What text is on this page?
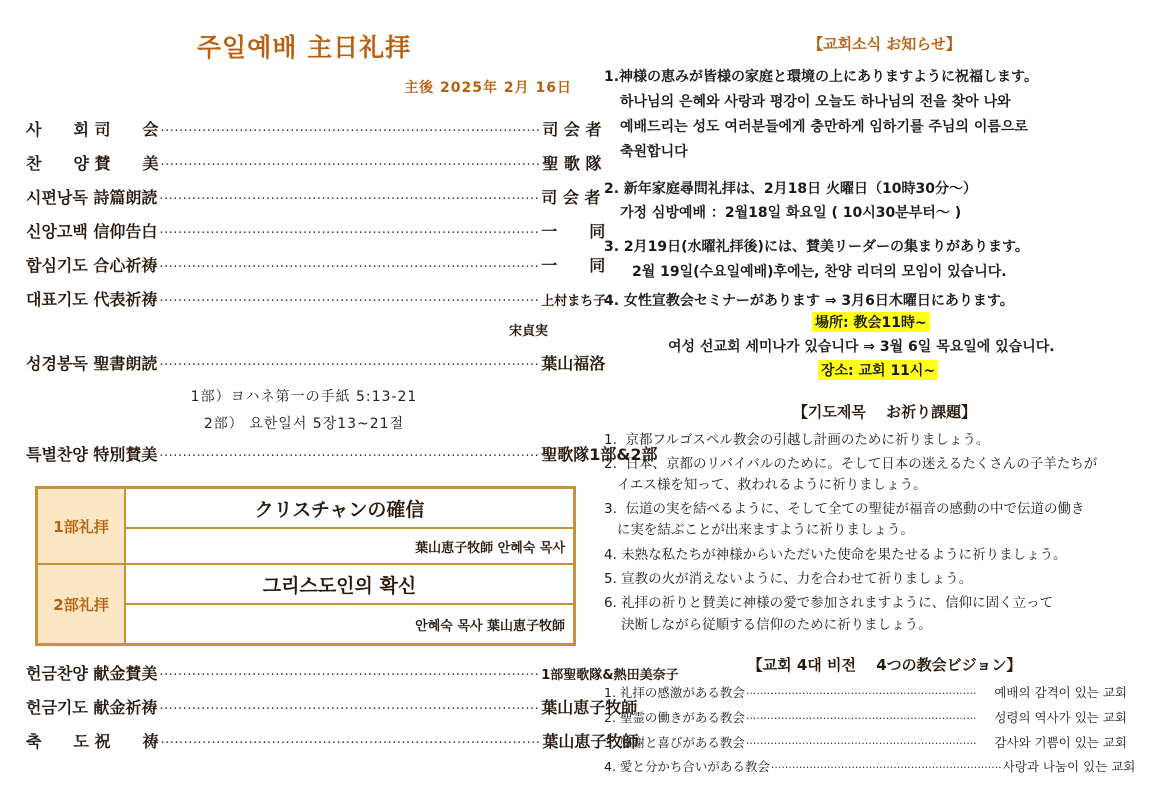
주일예배 主日礼拝
主後 2025年 2月 16日
사　　회 司　　会 ·················································································· 司 会 者
찬　　양 賛　　美 ·················································································· 聖 歌 隊
시편낭독 詩篇朗読 ·················································································· 司 会 者
신앙고백 信仰告白 ·················································································· 一　　同
합심기도 合心祈祷 ·················································································· 一　　同
대표기도 代表祈祷 ·················································································· 上村まち子
宋貞実
성경봉독 聖書朗読 ·················································································· 葉山福洛
1部）ヨハネ第一の手紙 5:13-21
2部） 요한일서 5장13~21절
특별찬양 特別賛美 ·················································································· 聖歌隊1部&2部
1部礼拝
クリスチャンの確信
葉山恵子牧師 안혜숙 목사
2部礼拝
그리스도인의 확신
안혜숙 목사 葉山恵子牧師
헌금찬양 献金賛美 ·················································································· 1部聖歌隊&熱田美奈子
헌금기도 献金祈祷 ·················································································· 葉山恵子牧師
축　　도 祝　　祷 ·················································································· 葉山恵子牧師
【교회소식 お知らせ】
1.神様の恵みが皆様の家庭と環境の上にありますように祝福します。
하나님의 은혜와 사랑과 평강이 오늘도 하나님의 전을 찾아 나와
예배드리는 성도 여러분들에게 충만하게 임하기를 주님의 이름으로
축원합니다
2. 新年家庭尋問礼拝は、2月18日 火曜日（10時30分～）
가정 심방예배 ：2월18일 화요일 ( 10시30분부터～ )
3. 2月19日(水曜礼拝後)には、賛美リーダーの集まりがあります。
2월 19일(수요일예배)후에는, 찬양 리더의 모임이 있습니다.
4. 女性宣教会セミナーがあります ⇒ 3月6日木曜日にあります。
場所: 教会11時~
여성 선교회 세미나가 있습니다 ⇒ 3월 6일 목요일에 있습니다.
장소: 교회 11시~
【기도제목　 お祈り課題】
1.  京都フルゴスペル教会の引越し計画のために祈りましょう。
2.  日本、京都のリバイバルのために。そして日本の迷えるたくさんの子羊たちが
イエス様を知って、救われるように祈りましょう。
3.  伝道の実を結べるように、そして全ての聖徒が福音の感動の中で伝道の働き
に実を結ぶことが出来ますように祈りましょう。
4. 未熟な私たちが神様からいただいた使命を果たせるように祈りましょう。
5. 宣教の火が消えないように、力を合わせて祈りましょう。
6. 礼拝の祈りと賛美に神様の愛で参加されますように、信仰に固く立って
決断しながら従順する信仰のために祈りましょう。
【교회 4대 비전　 4つの教会ビジョン】
1. 礼拝の感激がある教会 ··································································	예배의 감격이 있는 교회
2. 聖霊の働きがある教会 ··································································	성령의 역사가 있는 교회
3. 感謝と喜びがある教会 ··································································	감사와 기쁨이 있는 교회
4. 愛と分かち合いがある教会 ·································································· 사랑과 나눔이 있는 교회
